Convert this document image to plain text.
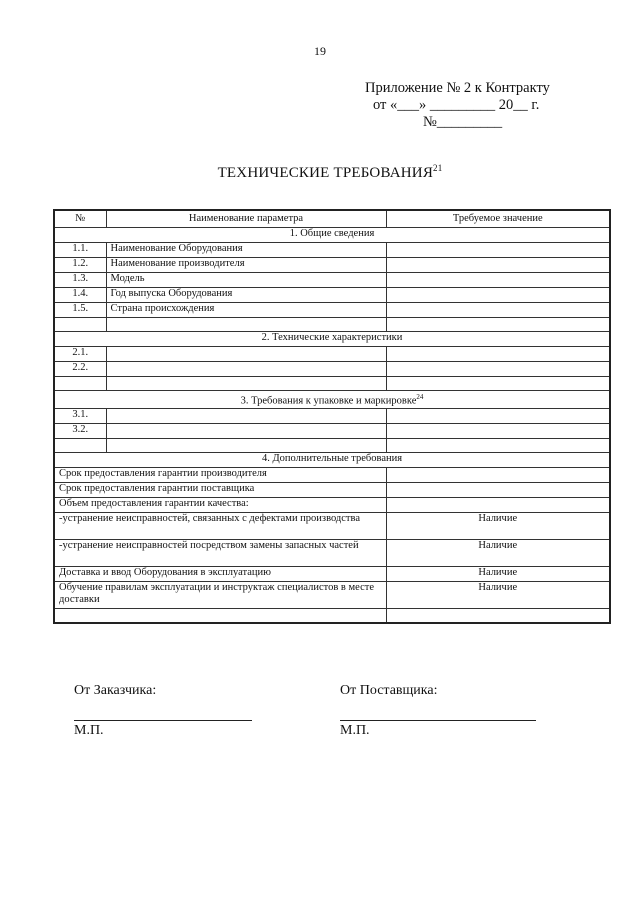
19
Приложение № 2 к Контракту
от «___» _________ 20__ г.
№_________
ТЕХНИЧЕСКИЕ ТРЕБОВАНИЯ$^{21}$
№	Наименование параметра	Требуемое значение
1. Общие сведения		
1.1.	Наименование Оборудования	
1.2.	Наименование производителя	
1.3.	Модель	
1.4.	Год выпуска Оборудования	
1.5.	Страна происхождения	

2. Технические характеристики		
2.1.		
2.2.		

3. Требования к упаковке и маркировке$^{24}$
3.1.		
3.2.		

4. Дополнительные требования		
Срок предоставления гарантии производителя		
Срок предоставления гарантии поставщика		
Объем предоставления гарантии качества:		
-устранение неисправностей, связанных с дефектами производства		Наличие
-устранение неисправностей посредством замены запасных частей		Наличие
Доставка и ввод Оборудования в эксплуатацию		Наличие
Обучение правилам эксплуатации и инструктаж специалистов в месте доставки		Наличие

От Заказчика:
М.П.
От Поставщика:
М.П.
